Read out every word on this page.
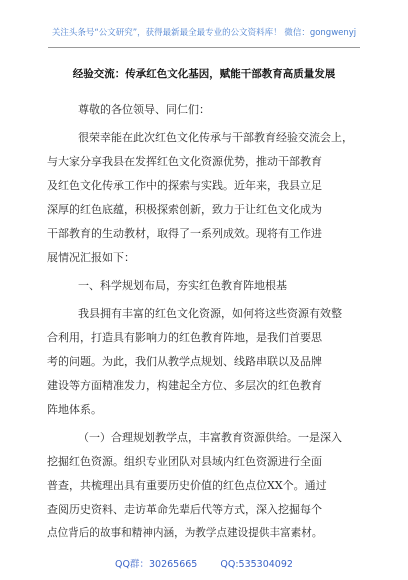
关注头条号“公文研究”，获得最新最全最专业的公文资料库！ 微信：gongwenyj
经验交流：传承红色文化基因，赋能干部教育高质量发展
尊敬的各位领导、同仁们：
很荣幸能在此次红色文化传承与干部教育经验交流会上，
与大家分享我县在发挥红色文化资源优势，推动干部教育
及红色文化传承工作中的探索与实践。近年来，我县立足
深厚的红色底蕴，积极探索创新，致力于让红色文化成为
干部教育的生动教材，取得了一系列成效。现将有工作进
展情况汇报如下：
一、科学规划布局，夯实红色教育阵地根基
我县拥有丰富的红色文化资源，如何将这些资源有效整
合利用，打造具有影响力的红色教育阵地，是我们首要思
考的问题。为此，我们从教学点规划、线路串联以及品牌
建设等方面精准发力，构建起全方位、多层次的红色教育
阵地体系。
（一）合理规划教学点，丰富教育资源供给。一是深入
挖掘红色资源。组织专业团队对县域内红色资源进行全面
普查，共梳理出具有重要历史价值的红色点位XX个。通过
查阅历史资料、走访革命先辈后代等方式，深入挖掘每个
点位背后的故事和精神内涵，为教学点建设提供丰富素材。
QQ群：30265665 QQ:535304092
